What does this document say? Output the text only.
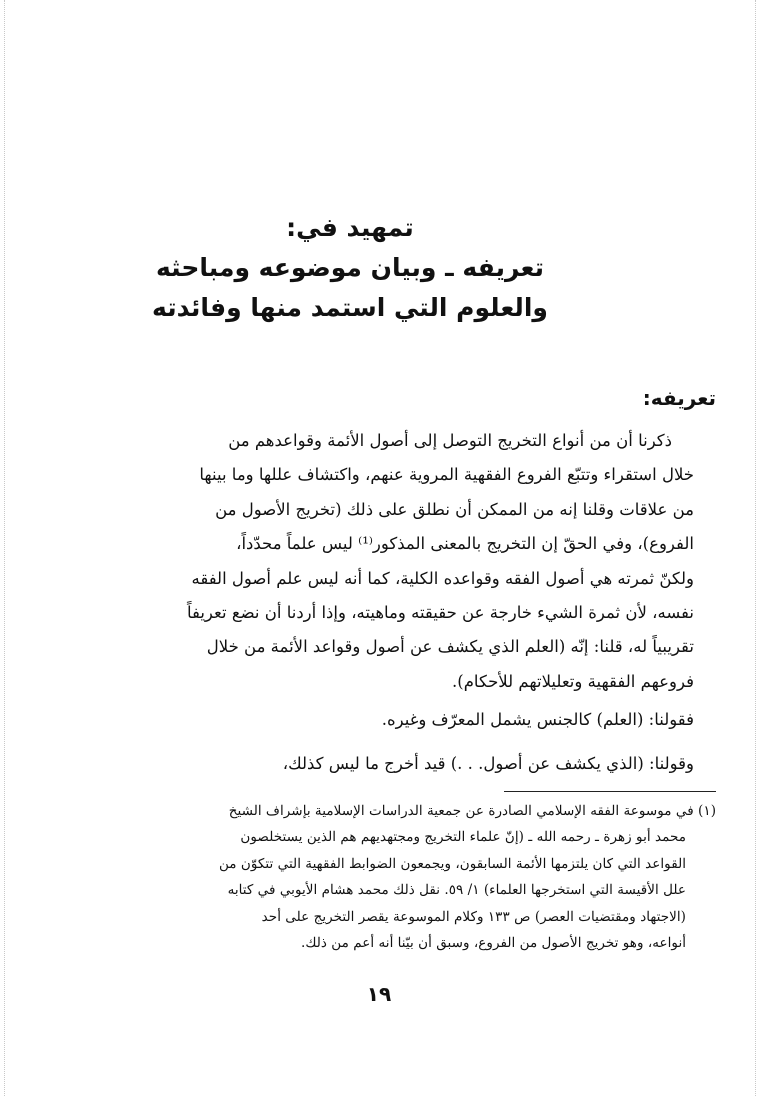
تمهيد في:
تعريفه ـ وبيان موضوعه ومباحثه
والعلوم التي استمد منها وفائدته
تعريفه:
ذكرنا أن من أنواع التخريج التوصل إلى أصول الأئمة وقواعدهم من
خلال استقراء وتتبّع الفروع الفقهية المروية عنهم، واكتشاف عللها وما بينها
من علاقات وقلنا إنه من الممكن أن نطلق على ذلك (تخريج الأصول من
الفروع)، وفي الحقّ إن التخريج بالمعنى المذكور⁽¹⁾ ليس علماً محدّداً،
ولكنّ ثمرته هي أصول الفقه وقواعده الكلية، كما أنه ليس علم أصول الفقه
نفسه، لأن ثمرة الشيء خارجة عن حقيقته وماهيته، وإذا أردنا أن نضع تعريفاً
تقريبياً له، قلنا: إنّه (العلم الذي يكشف عن أصول وقواعد الأئمة من خلال
فروعهم الفقهية وتعليلاتهم للأحكام).
فقولنا: (العلم) كالجنس يشمل المعرّف وغيره.
وقولنا: (الذي يكشف عن أصول. . .) قيد أخرج ما ليس كذلك،
(١) في موسوعة الفقه الإسلامي الصادرة عن جمعية الدراسات الإسلامية بإشراف الشيخ
محمد أبو زهرة ـ رحمه الله ـ (إنّ علماء التخريج ومجتهديهم هم الذين يستخلصون
القواعد التي كان يلتزمها الأئمة السابقون، ويجمعون الضوابط الفقهية التي تتكوّن من
علل الأقيسة التي استخرجها العلماء) ١/ ٥٩. نقل ذلك محمد هشام الأيوبي في كتابه
(الاجتهاد ومقتضيات العصر) ص ١٣٣ وكلام الموسوعة يقصر التخريج على أحد
أنواعه، وهو تخريج الأصول من الفروع، وسبق أن بيّنا أنه أعم من ذلك.
١٩
